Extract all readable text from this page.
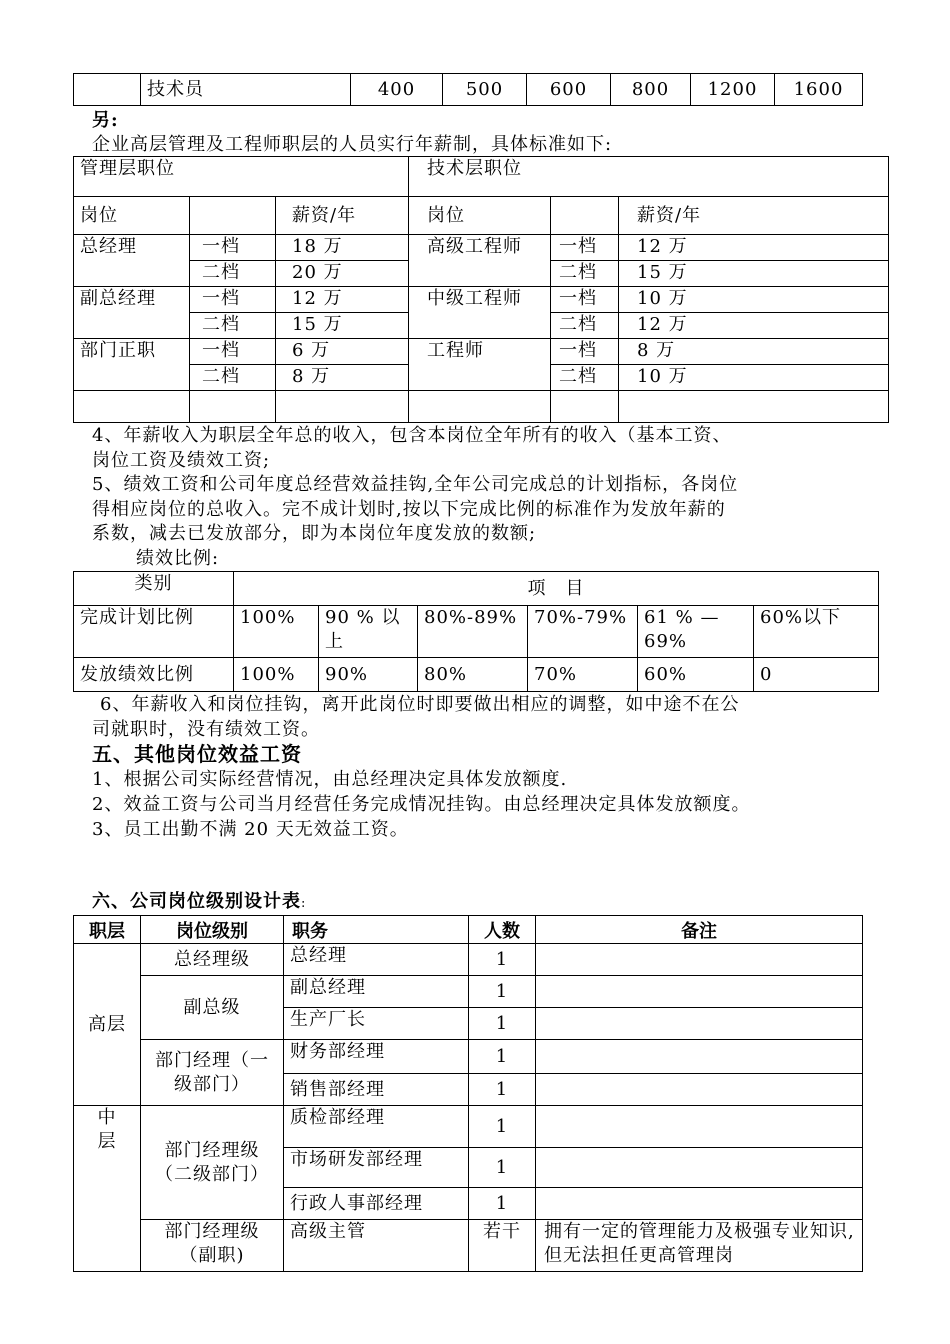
	技术员	400	500	600	800	1200	1600
另:
企业高层管理及工程师职层的人员实行年薪制，具体标准如下:
管理层职位			技术层职位		
岗位		薪资/年	岗位		薪资/年
总经理	一档	18 万	高级工程师	一档	12 万
	二档	20 万		二档	15 万
副总经理	一档	12 万	中级工程师	一档	10 万
	二档	15 万		二档	12 万
部门正职	一档	6 万	工程师	一档	8 万
	二档	8 万		二档	10 万

4、年薪收入为职层全年总的收入，包含本岗位全年所有的收入（基本工资、
岗位工资及绩效工资;
5、绩效工资和公司年度总经营效益挂钩,全年公司完成总的计划指标，各岗位
得相应岗位的总收入。完不成计划时,按以下完成比例的标准作为发放年薪的
系数，减去已发放部分，即为本岗位年度发放的数额;
绩效比例:
类别	项　目					
完成计划比例	100%	90 % 以上	80%-89%	70%-79%	61 % — 69%	60%以下
发放绩效比例	100%	90%	80%	70%	60%	0
6、年薪收入和岗位挂钩，离开此岗位时即要做出相应的调整，如中途不在公
司就职时，没有绩效工资。
五、其他岗位效益工资
1、根据公司实际经营情况，由总经理决定具体发放额度.
2、效益工资与公司当月经营任务完成情况挂钩。由总经理决定具体发放额度。
3、员工出勤不满 20 天无效益工资。
六、公司岗位级别设计表:
职层	岗位级别	职务	人数	备注
高层	总经理级	总经理	1	
	副总级	副总经理	1	
		生产厂长	1	
	部门经理（一级部门）	财务部经理	1	
		销售部经理	1	
中层	部门经理级（二级部门）	质检部经理	1	
		市场研发部经理	1	
		行政人事部经理	1	
	部门经理级（副职)	高级主管	若干	拥有一定的管理能力及极强专业知识,但无法担任更高管理岗
